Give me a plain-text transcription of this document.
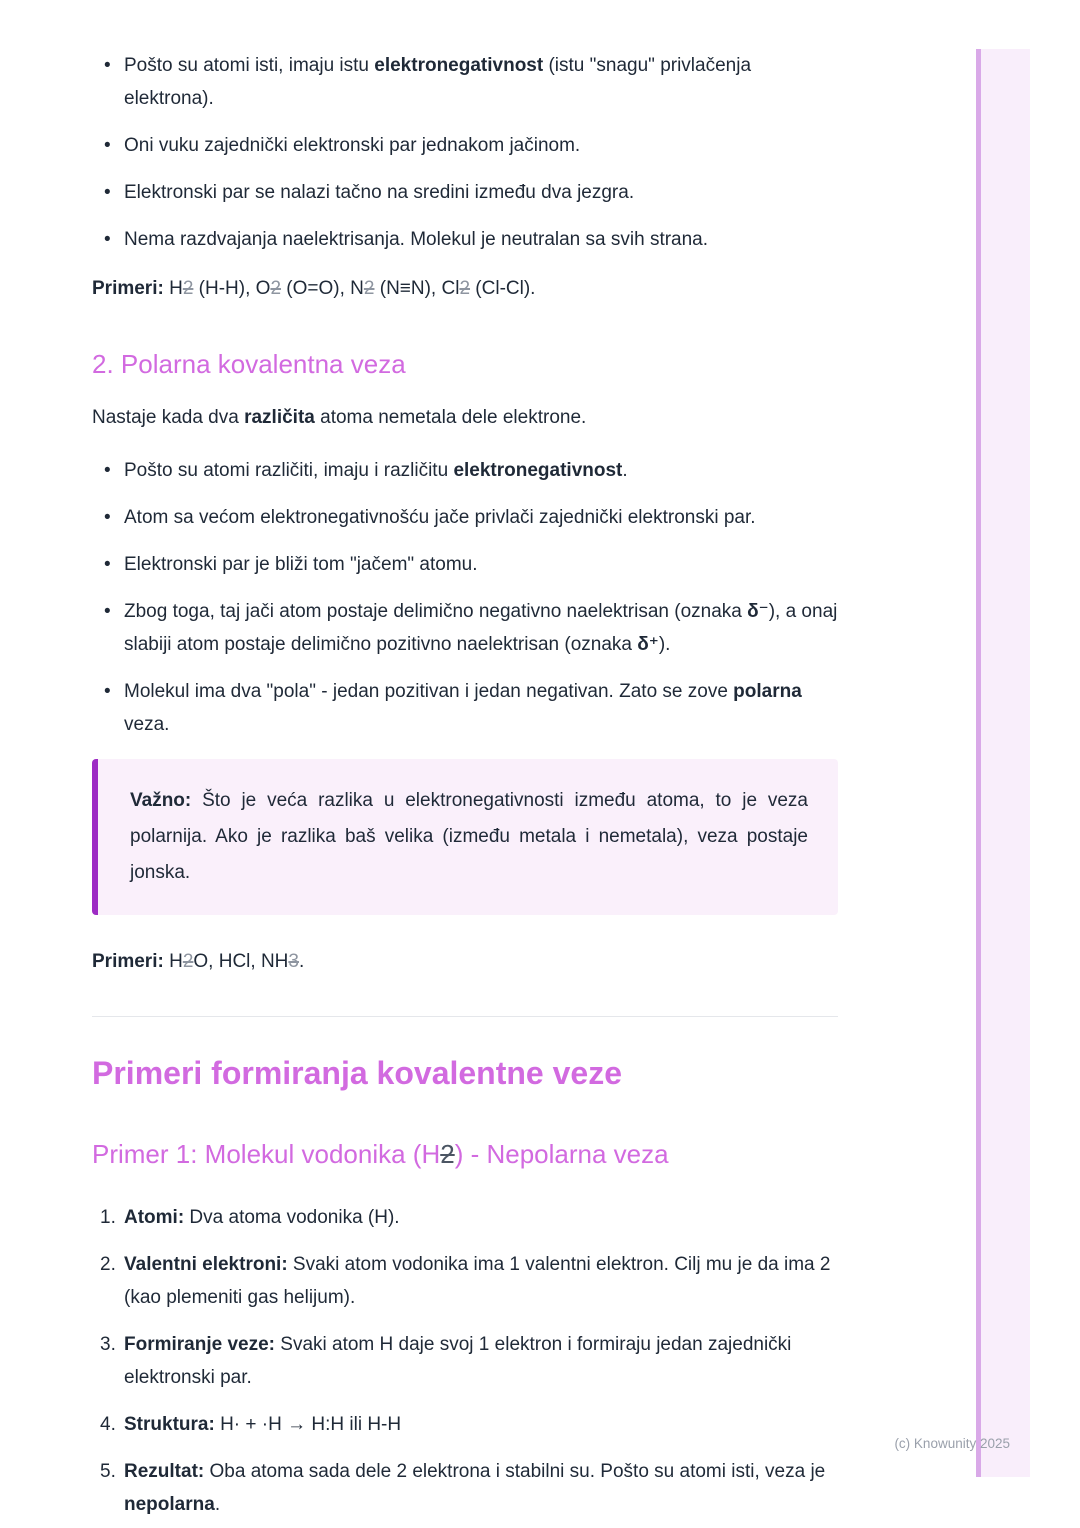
• Pošto su atomi isti, imaju istu elektronegativnost (istu "snagu" privlačenja elektrona).
• Oni vuku zajednički elektronski par jednakom jačinom.
• Elektronski par se nalazi tačno na sredini između dva jezgra.
• Nema razdvajanja naelektrisanja. Molekul je neutralan sa svih strana.

Primeri: H2 (H-H), O2 (O=O), N2 (N≡N), Cl2 (Cl-Cl).

2. Polarna kovalentna veza

Nastaje kada dva različita atoma nemetala dele elektrone.

• Pošto su atomi različiti, imaju i različitu elektronegativnost.
• Atom sa većom elektronegativnošću jače privlači zajednički elektronski par.
• Elektronski par je bliži tom "jačem" atomu.
• Zbog toga, taj jači atom postaje delimično negativno naelektrisan (oznaka δ⁻), a onaj slabiji atom postaje delimično pozitivno naelektrisan (oznaka δ⁺).
• Molekul ima dva "pola" - jedan pozitivan i jedan negativan. Zato se zove polarna veza.

Važno: Što je veća razlika u elektronegativnosti između atoma, to je veza polarnija. Ako je razlika baš velika (između metala i nemetala), veza postaje jonska.

Primeri: H2O, HCl, NH3.

Primeri formiranja kovalentne veze
Primer 1: Molekul vodonika (H2) - Nepolarna veza
Atomi: Dva atoma vodonika (H).
Valentni elektroni: Svaki atom vodonika ima 1 valentni elektron. Cilj mu je da ima 2 (kao plemeniti gas helijum).
Formiranje veze: Svaki atom H daje svoj 1 elektron i formiraju jedan zajednički elektronski par.
Struktura: H· + ·H → H:H ili H-H
Rezultat: Oba atoma sada dele 2 elektrona i stabilni su. Pošto su atomi isti, veza je nepolarna.
(c) Knowunity 2025
